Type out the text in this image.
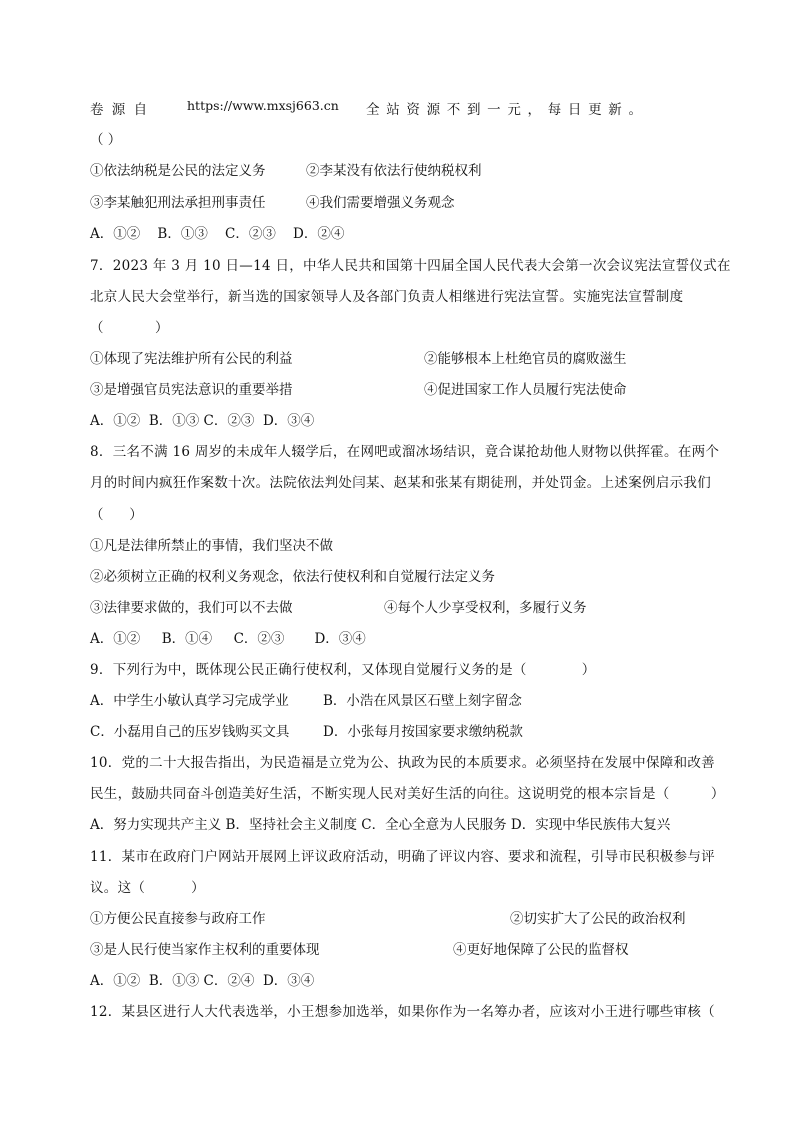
卷 源 自	https://www.mxsj663.cn 全 站 资 源 不 到 一 元 ， 每 日 更 新 。
（ ）
①依法纳税是公民的法定义务	②李某没有依法行使纳税权利
③李某触犯刑法承担刑事责任	④我们需要增强义务观念
A．①②    B．①③    C．②③    D．②④
7．2023 年 3 月 10 日—14 日，中华人民共和国第十四届全国人民代表大会第一次会议宪法宣誓仪式在
北京人民大会堂举行，新当选的国家领导人及各部门负责人相继进行宪法宣誓。实施宪法宣誓制度
（            ）
①体现了宪法维护所有公民的利益	②能够根本上杜绝官员的腐败滋生
③是增强官员宪法意识的重要举措	④促进国家工作人员履行宪法使命
A．①②  B．①③ C．②③  D．③④
8．三名不满 16 周岁的未成年人辍学后，在网吧或溜冰场结识，竟合谋抢劫他人财物以供挥霍。在两个
月的时间内疯狂作案数十次。法院依法判处闫某、赵某和张某有期徒刑，并处罚金。上述案例启示我们
（      ）
①凡是法律所禁止的事情，我们坚决不做
②必须树立正确的权利义务观念，依法行使权利和自觉履行法定义务
③法律要求做的，我们可以不去做	④每个人少享受权利，多履行义务
A．①②     B．①④     C．②③       D．③④
9．下列行为中，既体现公民正确行使权利，又体现自觉履行义务的是（            ）
A．中学生小敏认真学习完成学业	B．小浩在风景区石壁上刻字留念
C．小磊用自己的压岁钱购买文具 D．小张每月按国家要求缴纳税款
10．党的二十大报告指出，为民造福是立党为公、执政为民的本质要求。必须坚持在发展中保障和改善
民生，鼓励共同奋斗创造美好生活，不断实现人民对美好生活的向往。这说明党的根本宗旨是（         ）
A．努力实现共产主义 B．坚持社会主义制度 C．全心全意为人民服务 D．实现中华民族伟大复兴
11．某市在政府门户网站开展网上评议政府活动，明确了评议内容、要求和流程，引导市民积极参与评
议。这（          ）
①方便公民直接参与政府工作	②切实扩大了公民的政治权利
③是人民行使当家作主权利的重要体现	④更好地保障了公民的监督权
A．①②  B．①③ C．②④  D．③④
12．某县区进行人大代表选举，小王想参加选举，如果你作为一名筹办者，应该对小王进行哪些审核（
